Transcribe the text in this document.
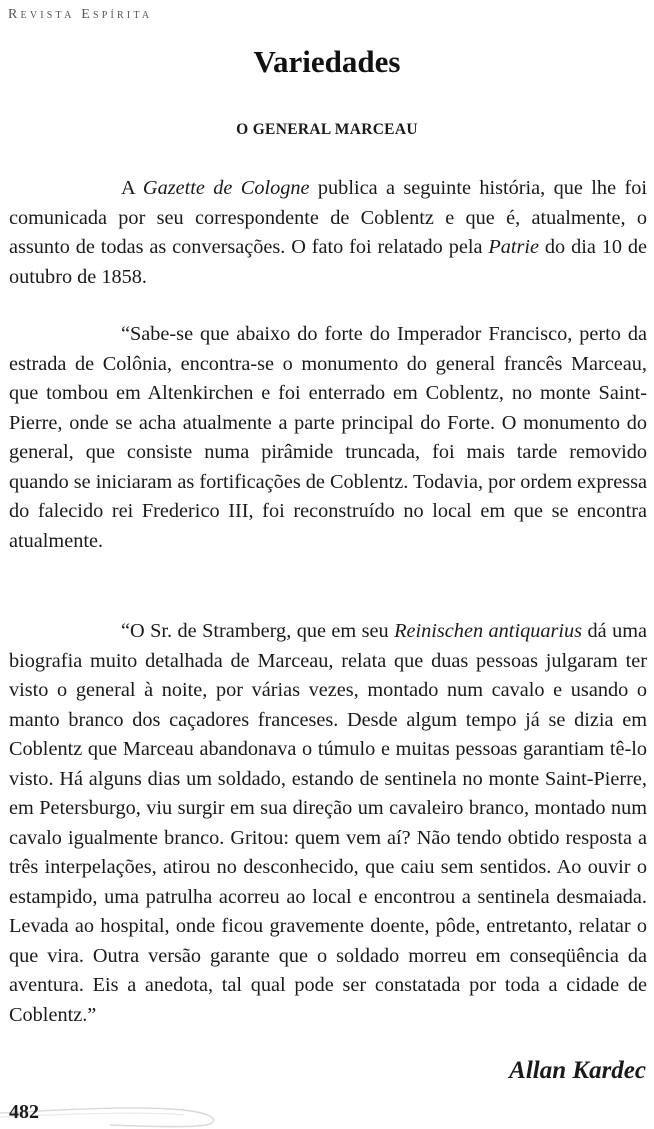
Revista Espírita
Variedades
O GENERAL MARCEAU
A Gazette de Cologne publica a seguinte história, que lhe foi comunicada por seu correspondente de Coblentz e que é, atualmente, o assunto de todas as conversações. O fato foi relatado pela Patrie do dia 10 de outubro de 1858.
“Sabe-se que abaixo do forte do Imperador Francisco, perto da estrada de Colônia, encontra-se o monumento do general francês Marceau, que tombou em Altenkirchen e foi enterrado em Coblentz, no monte Saint-Pierre, onde se acha atualmente a parte principal do Forte. O monumento do general, que consiste numa pirâmide truncada, foi mais tarde removido quando se iniciaram as fortificações de Coblentz. Todavia, por ordem expressa do falecido rei Frederico III, foi reconstruído no local em que se encontra atualmente.
“O Sr. de Stramberg, que em seu Reinischen antiquarius dá uma biografia muito detalhada de Marceau, relata que duas pessoas julgaram ter visto o general à noite, por várias vezes, montado num cavalo e usando o manto branco dos caçadores franceses. Desde algum tempo já se dizia em Coblentz que Marceau abandonava o túmulo e muitas pessoas garantiam tê-lo visto. Há alguns dias um soldado, estando de sentinela no monte Saint-Pierre, em Petersburgo, viu surgir em sua direção um cavaleiro branco, montado num cavalo igualmente branco. Gritou: quem vem aí? Não tendo obtido resposta a três interpelações, atirou no desconhecido, que caiu sem sentidos. Ao ouvir o estampido, uma patrulha acorreu ao local e encontrou a sentinela desmaiada. Levada ao hospital, onde ficou gravemente doente, pôde, entretanto, relatar o que vira. Outra versão garante que o soldado morreu em conseqüência da aventura. Eis a anedota, tal qual pode ser constatada por toda a cidade de Coblentz.”
Allan Kardec
482
